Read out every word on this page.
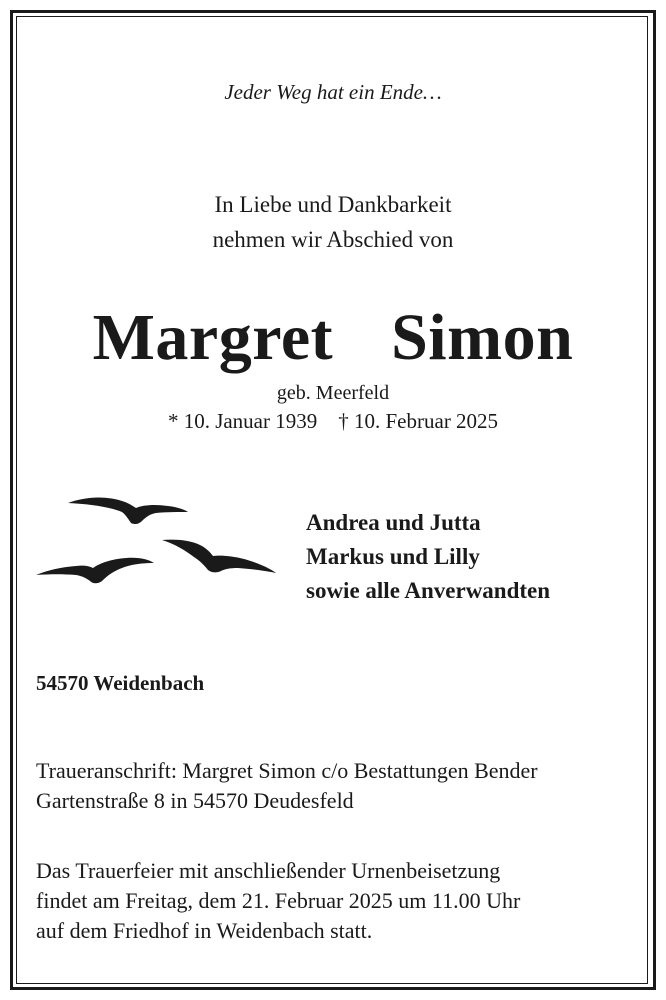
Jeder Weg hat ein Ende…
In Liebe und Dankbarkeit
nehmen wir Abschied von
Margret  Simon
geb. Meerfeld
* 10. Januar 1939 † 10. Februar 2025
Andrea und Jutta
Markus und Lilly
sowie alle Anverwandten
54570 Weidenbach
Traueranschrift: Margret Simon c/o Bestattungen Bender
Gartenstraße 8 in 54570 Deudesfeld
Das Trauerfeier mit anschließender Urnenbeisetzung
findet am Freitag, dem 21. Februar 2025 um 11.00 Uhr
auf dem Friedhof in Weidenbach statt.
